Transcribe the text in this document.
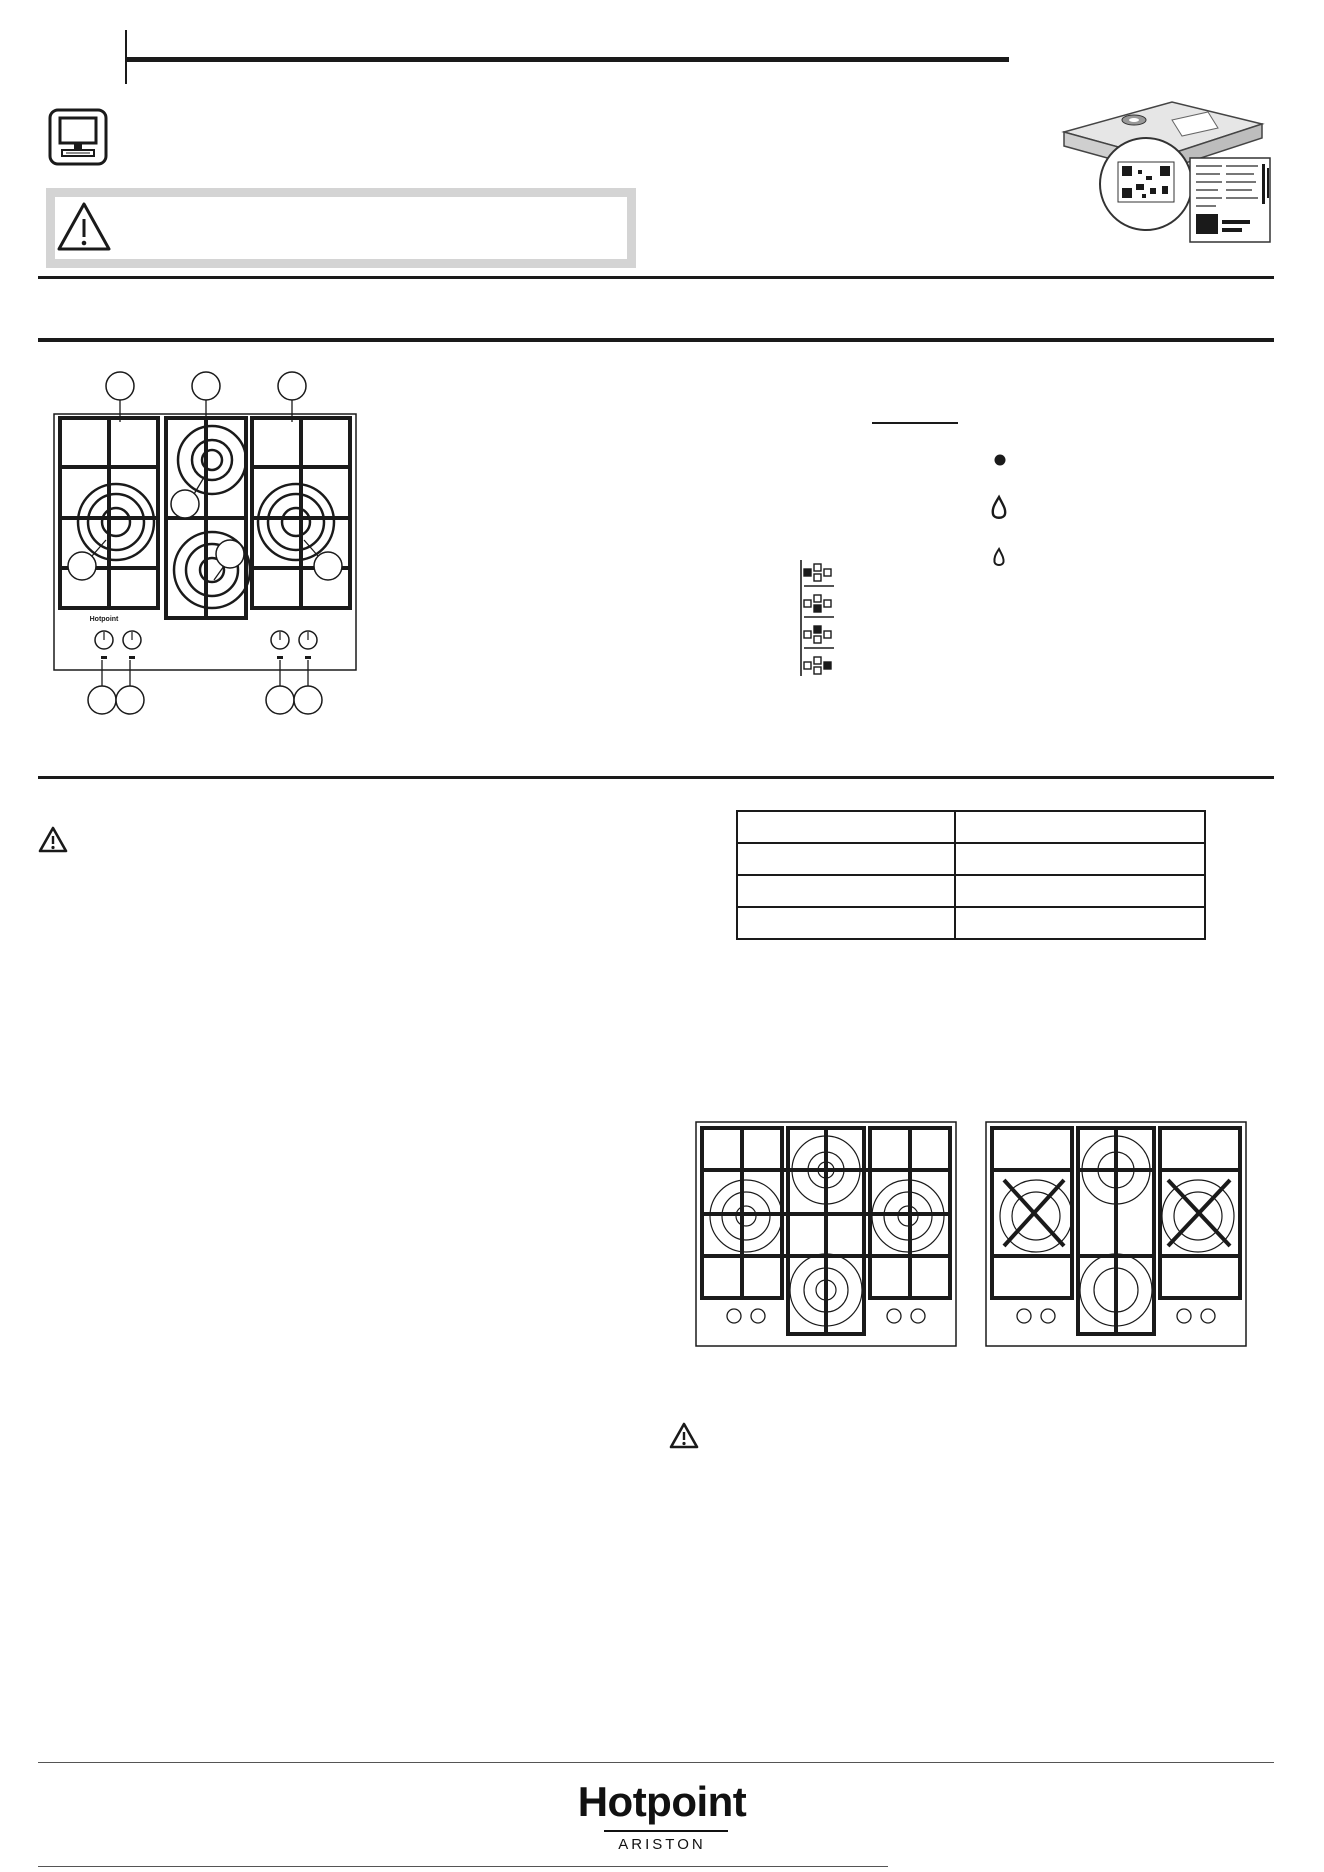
Hotpoint

Hotpoint
ARISTON
